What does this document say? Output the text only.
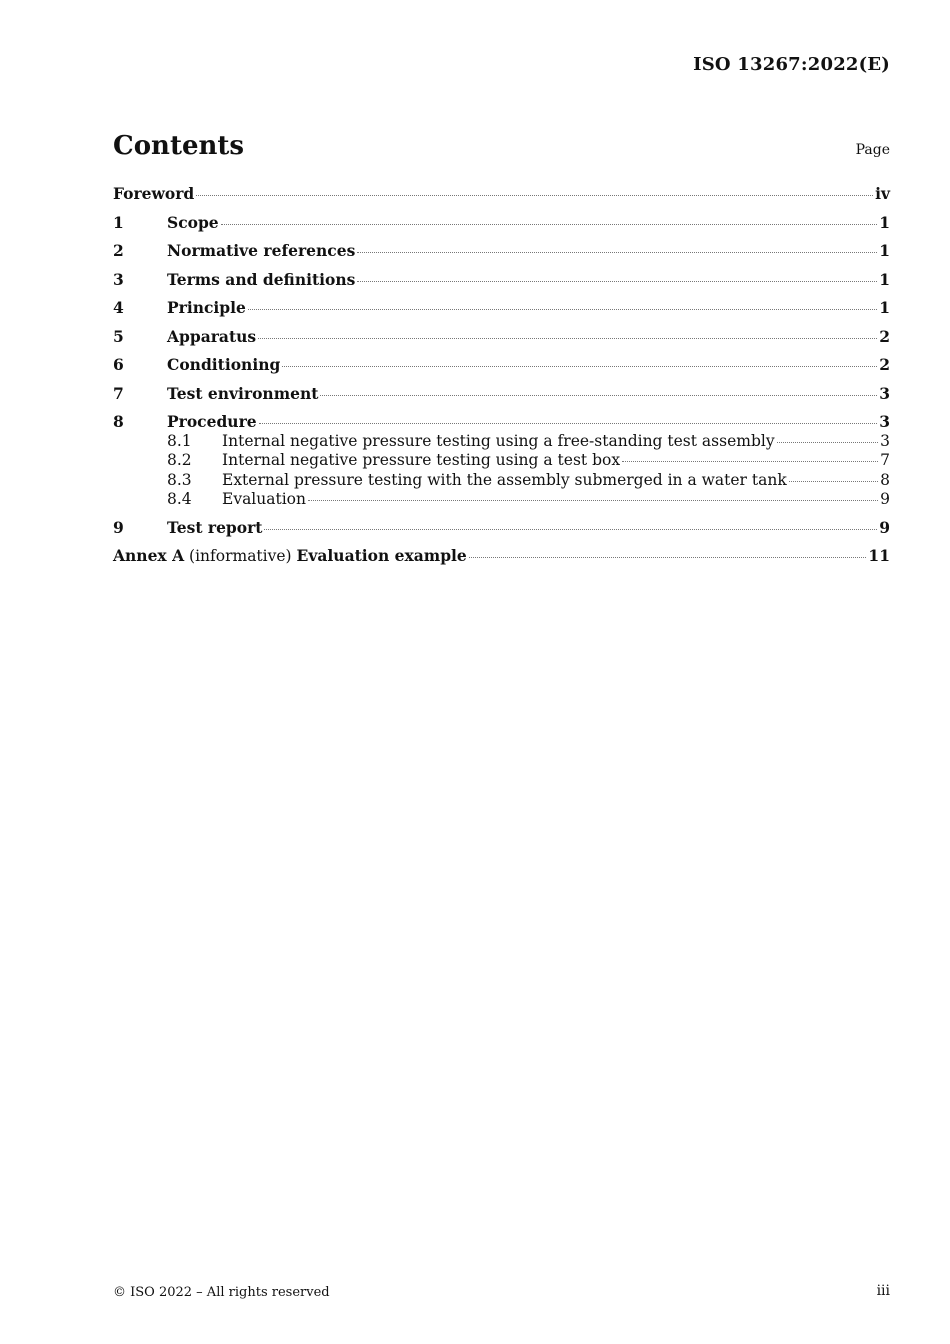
ISO 13267:2022(E)
Contents	Page
Foreword	iv
1	Scope	1
2	Normative references	1
3	Terms and definitions	1
4	Principle	1
5	Apparatus	2
6	Conditioning	2
7	Test environment	3
8	Procedure	3
8.1	Internal negative pressure testing using a free-standing test assembly	3
8.2	Internal negative pressure testing using a test box	7
8.3	External pressure testing with the assembly submerged in a water tank	8
8.4	Evaluation	9
9	Test report	9
Annex A (informative) Evaluation example	11
© ISO 2022 – All rights reserved	iii
